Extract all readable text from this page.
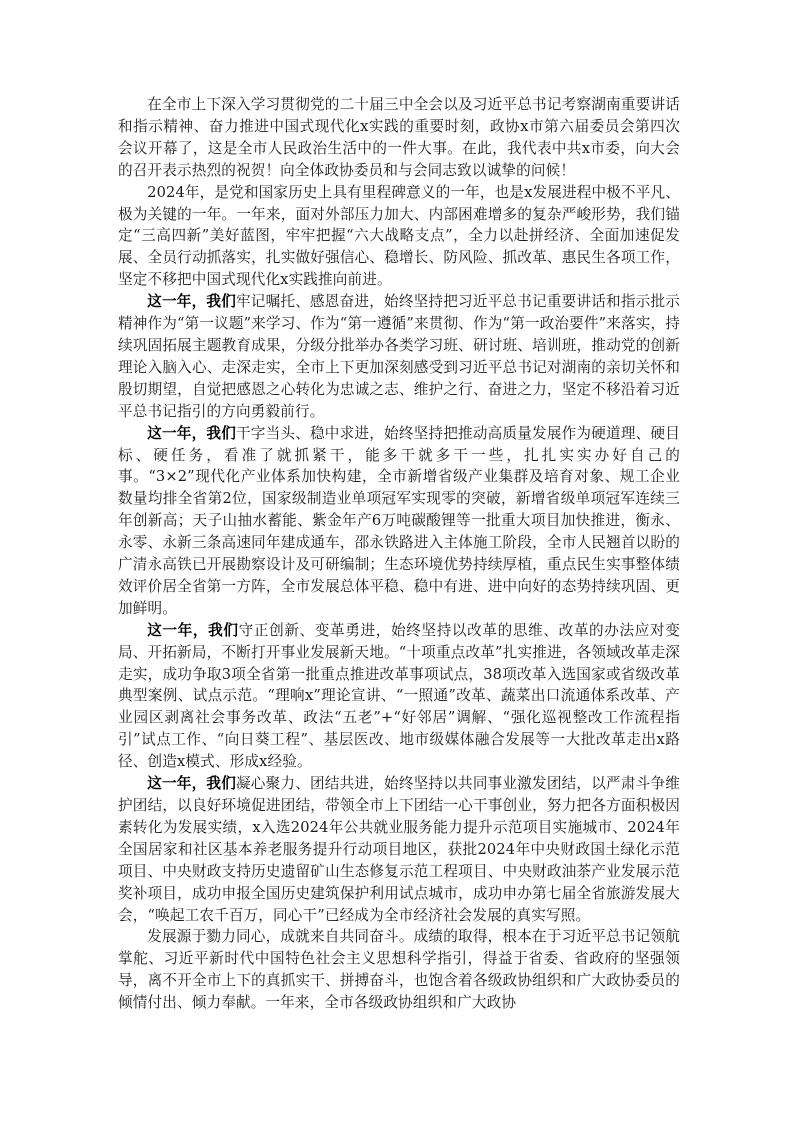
在全市上下深入学习贯彻党的二十届三中全会以及习近平总书记考察湖南重要讲话和指示精神、奋力推进中国式现代化x实践的重要时刻，政协x市第六届委员会第四次会议开幕了，这是全市人民政治生活中的一件大事。在此，我代表中共x市委，向大会的召开表示热烈的祝贺！向全体政协委员和与会同志致以诚挚的问候！

2024年，是党和国家历史上具有里程碑意义的一年，也是x发展进程中极不平凡、极为关键的一年。一年来，面对外部压力加大、内部困难增多的复杂严峻形势，我们锚定“三高四新”美好蓝图，牢牢把握“六大战略支点”，全力以赴拼经济、全面加速促发展、全员行动抓落实，扎实做好强信心、稳增长、防风险、抓改革、惠民生各项工作，坚定不移把中国式现代化x实践推向前进。

这一年，我们牢记嘱托、感恩奋进，始终坚持把习近平总书记重要讲话和指示批示精神作为“第一议题”来学习、作为“第一遵循”来贯彻、作为“第一政治要件”来落实，持续巩固拓展主题教育成果，分级分批举办各类学习班、研讨班、培训班，推动党的创新理论入脑入心、走深走实，全市上下更加深刻感受到习近平总书记对湖南的亲切关怀和殷切期望，自觉把感恩之心转化为忠诚之志、维护之行、奋进之力，坚定不移沿着习近平总书记指引的方向勇毅前行。

这一年，我们干字当头、稳中求进，始终坚持把推动高质量发展作为硬道理、硬目标、硬任务，看准了就抓紧干，能多干就多干一些，扎扎实实办好自己的事。“3×2”现代化产业体系加快构建，全市新增省级产业集群及培育对象、规工企业数量均排全省第2位，国家级制造业单项冠军实现零的突破，新增省级单项冠军连续三年创新高；天子山抽水蓄能、紫金年产6万吨碳酸锂等一批重大项目加快推进，衡永、永零、永新三条高速同年建成通车，邵永铁路进入主体施工阶段，全市人民翘首以盼的广清永高铁已开展勘察设计及可研编制；生态环境优势持续厚植，重点民生实事整体绩效评价居全省第一方阵，全市发展总体平稳、稳中有进、进中向好的态势持续巩固、更加鲜明。

这一年，我们守正创新、变革勇进，始终坚持以改革的思维、改革的办法应对变局、开拓新局，不断打开事业发展新天地。“十项重点改革”扎实推进，各领域改革走深走实，成功争取3项全省第一批重点推进改革事项试点，38项改革入选国家或省级改革典型案例、试点示范。“理响x”理论宣讲、“一照通”改革、蔬菜出口流通体系改革、产业园区剥离社会事务改革、政法“五老”+“好邻居”调解、“强化巡视整改工作流程指引”试点工作、“向日葵工程”、基层医改、地市级媒体融合发展等一大批改革走出x路径、创造x模式、形成x经验。

这一年，我们凝心聚力、团结共进，始终坚持以共同事业激发团结，以严肃斗争维护团结，以良好环境促进团结，带领全市上下团结一心干事创业，努力把各方面积极因素转化为发展实绩，x入选2024年公共就业服务能力提升示范项目实施城市、2024年全国居家和社区基本养老服务提升行动项目地区，获批2024年中央财政国土绿化示范项目、中央财政支持历史遗留矿山生态修复示范工程项目、中央财政油茶产业发展示范奖补项目，成功申报全国历史建筑保护利用试点城市，成功申办第七届全省旅游发展大会，“唤起工农千百万，同心干”已经成为全市经济社会发展的真实写照。

发展源于勠力同心，成就来自共同奋斗。成绩的取得，根本在于习近平总书记领航掌舵、习近平新时代中国特色社会主义思想科学指引，得益于省委、省政府的坚强领导，离不开全市上下的真抓实干、拼搏奋斗，也饱含着各级政协组织和广大政协委员的倾情付出、倾力奉献。一年来，全市各级政协组织和广大政协
